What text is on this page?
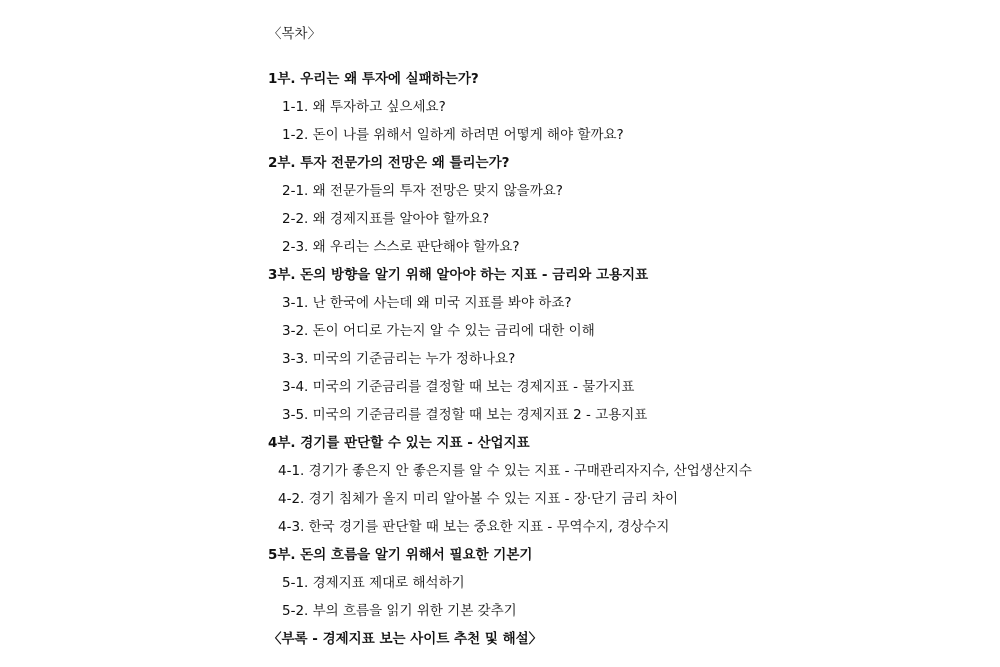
〈목차〉
1부. 우리는 왜 투자에 실패하는가?
1-1. 왜 투자하고 싶으세요?
1-2. 돈이 나를 위해서 일하게 하려면 어떻게 해야 할까요?
2부. 투자 전문가의 전망은 왜 틀리는가?
2-1. 왜 전문가들의 투자 전망은 맞지 않을까요?
2-2. 왜 경제지표를 알아야 할까요?
2-3. 왜 우리는 스스로 판단해야 할까요?
3부. 돈의 방향을 알기 위해 알아야 하는 지표 - 금리와 고용지표
3-1. 난 한국에 사는데 왜 미국 지표를 봐야 하죠?
3-2. 돈이 어디로 가는지 알 수 있는 금리에 대한 이해
3-3. 미국의 기준금리는 누가 정하나요?
3-4. 미국의 기준금리를 결정할 때 보는 경제지표 - 물가지표
3-5. 미국의 기준금리를 결정할 때 보는 경제지표 2 - 고용지표
4부. 경기를 판단할 수 있는 지표 - 산업지표
4-1. 경기가 좋은지 안 좋은지를 알 수 있는 지표 - 구매관리자지수, 산업생산지수
4-2. 경기 침체가 올지 미리 알아볼 수 있는 지표 - 장·단기 금리 차이
4-3. 한국 경기를 판단할 때 보는 중요한 지표 - 무역수지, 경상수지
5부. 돈의 흐름을 알기 위해서 필요한 기본기
5-1. 경제지표 제대로 해석하기
5-2. 부의 흐름을 읽기 위한 기본 갖추기
〈부록 - 경제지표 보는 사이트 추천 및 해설〉
